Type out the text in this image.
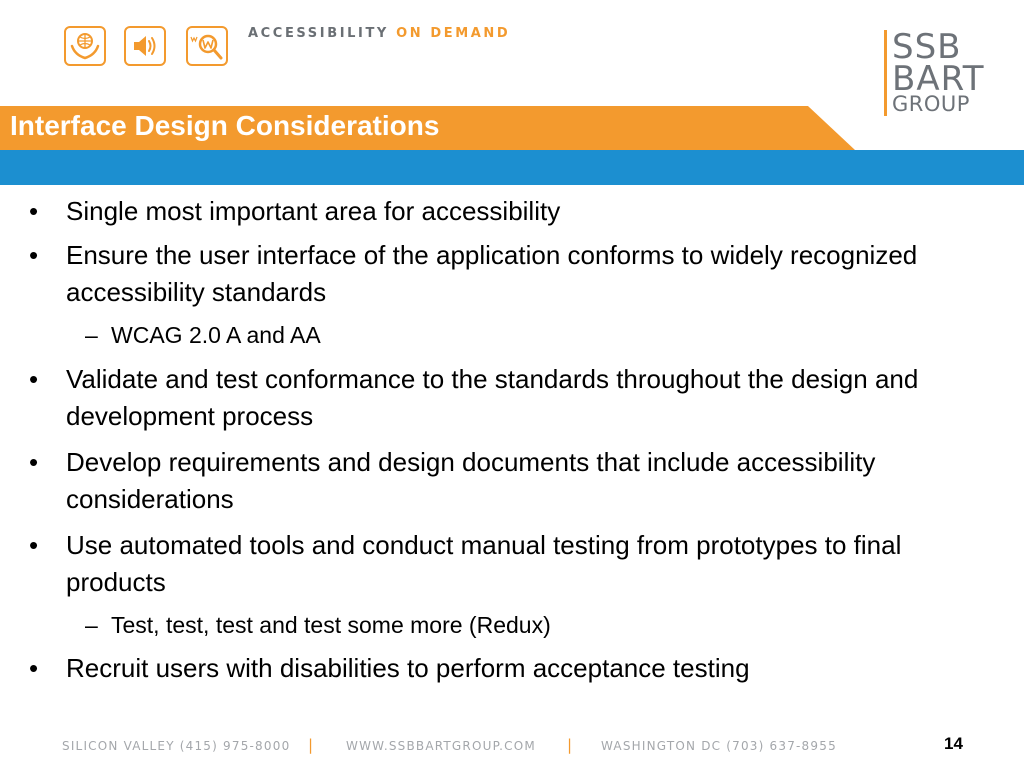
ACCESSIBILITY ON DEMAND	SSB
BART
GROUP
Interface Design Considerations
• Single most important area for accessibility
• Ensure the user interface of the application conforms to widely recognized accessibility standards
– WCAG 2.0 A and AA
• Validate and test conformance to the standards throughout the design and development process
• Develop requirements and design documents that include accessibility considerations
• Use automated tools and conduct manual testing from prototypes to final products
– Test, test, test and test some more (Redux)
• Recruit users with disabilities to perform acceptance testing
SILICON VALLEY (415) 975-8000 |	WWW.SSBBARTGROUP.COM | WASHINGTON DC (703) 637-8955	14
